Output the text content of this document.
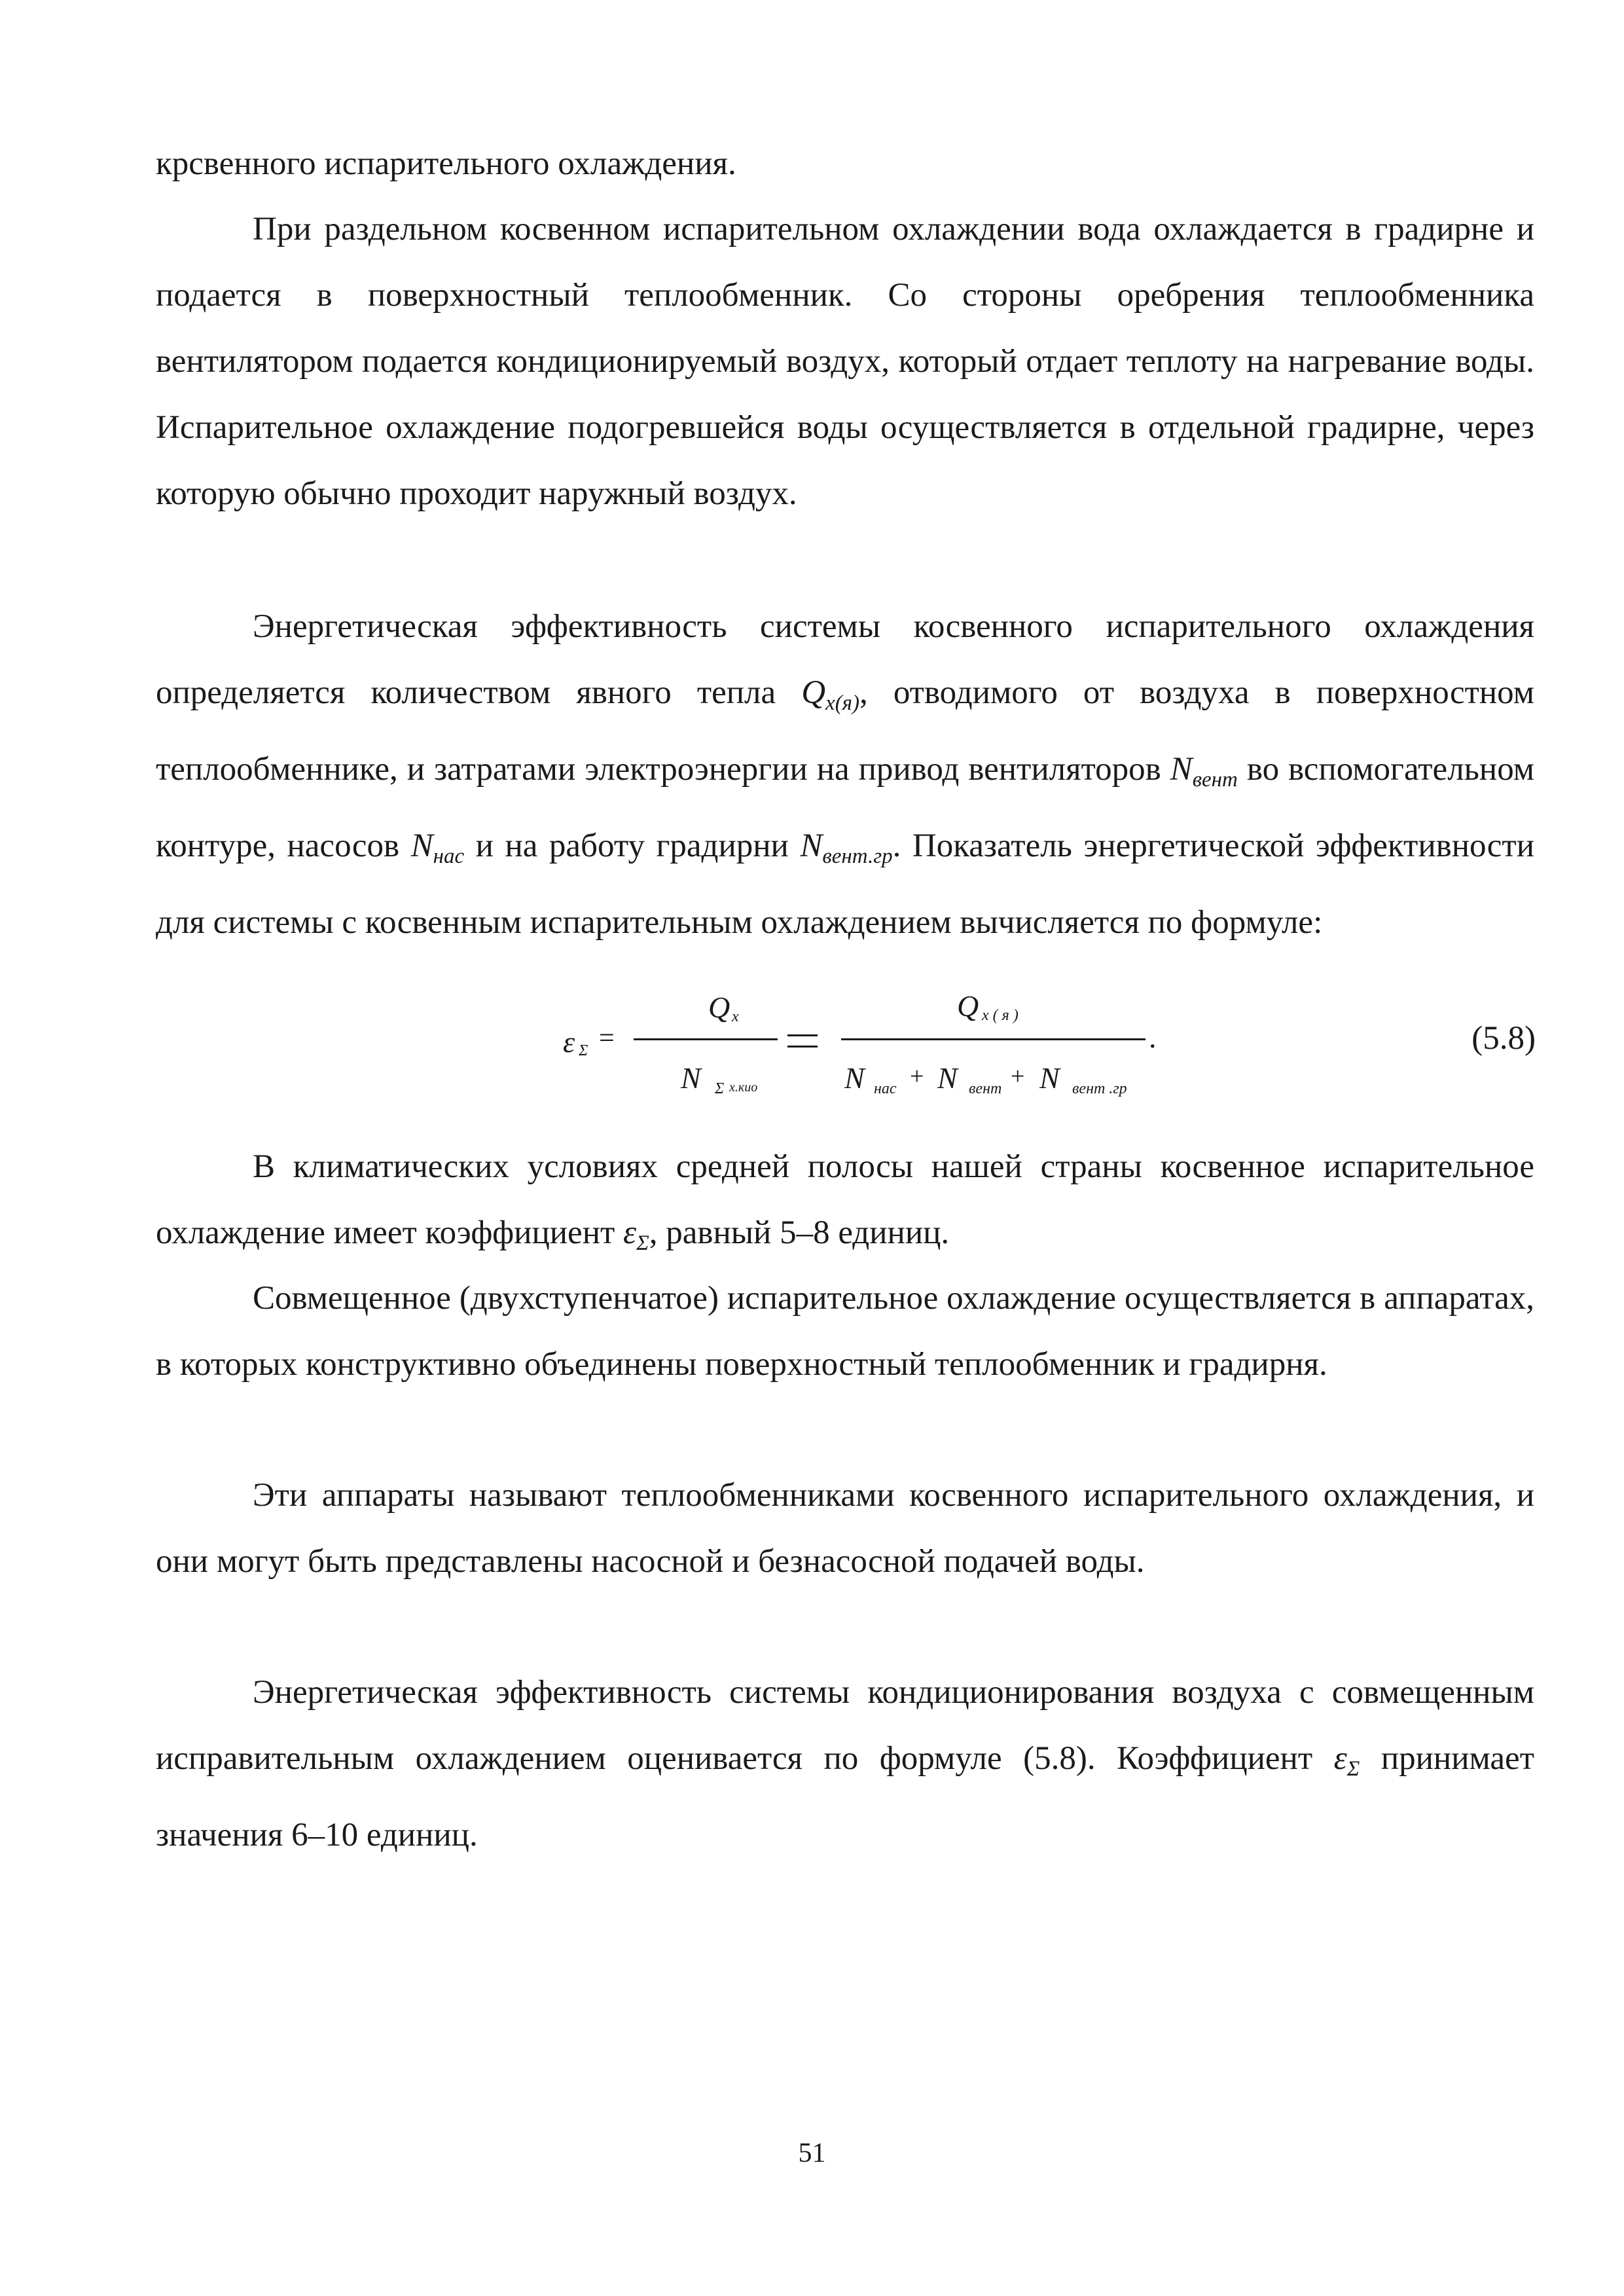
крсвенного испарительного охлаждения.
При раздельном косвенном испарительном охлаждении вода охлаждается в градирне и подается в поверхностный теплообменник. Со стороны оребрения теплообменника вентилятором подается кондиционируемый воздух, который отдает теплоту на нагревание воды. Испарительное охлаждение подогревшейся воды осуществляется в отдельной градирне, через которую обычно проходит наружный воздух.
Энергетическая эффективность системы косвенного испарительного охлаждения определяется количеством явного тепла $Q_{x(я)}$, отводимого от воздуха в поверхностном теплообменнике, и затратами электроэнергии на привод вентиляторов $N_{вент}$ во вспомогательном контуре, насосов $N_{на}с$ и на работу градирни $N_{вент.гр}$. Показатель энергетической эффективности для системы с косвенным испарительным охлаждением вычисляется по формуле:
ε Σ =
Q x
N Σ x.кио
Q x ( я )
N нас + N вент + N вент .гр
.	(5.8)
В климатических условиях средней полосы нашей страны косвенное испарительное охлаждение имеет коэффициент $\varepsilon_\Sigma$, равный 5–8 единиц.
Совмещенное (двухступенчатое) испарительное охлаждение осуществляется в аппаратах, в которых конструктивно объединены поверхностный теплообменник и градирня.
Эти аппараты называют теплообменниками косвенного испарительного охлаждения, и они могут быть представлены насосной и безнасосной подачей воды.
Энергетическая эффективность системы кондиционирования воздуха с совмещенным исправительным охлаждением оценивается по формуле (5.8). Коэффициент $\varepsilon_\Sigma$ принимает значения 6–10 единиц.
51
